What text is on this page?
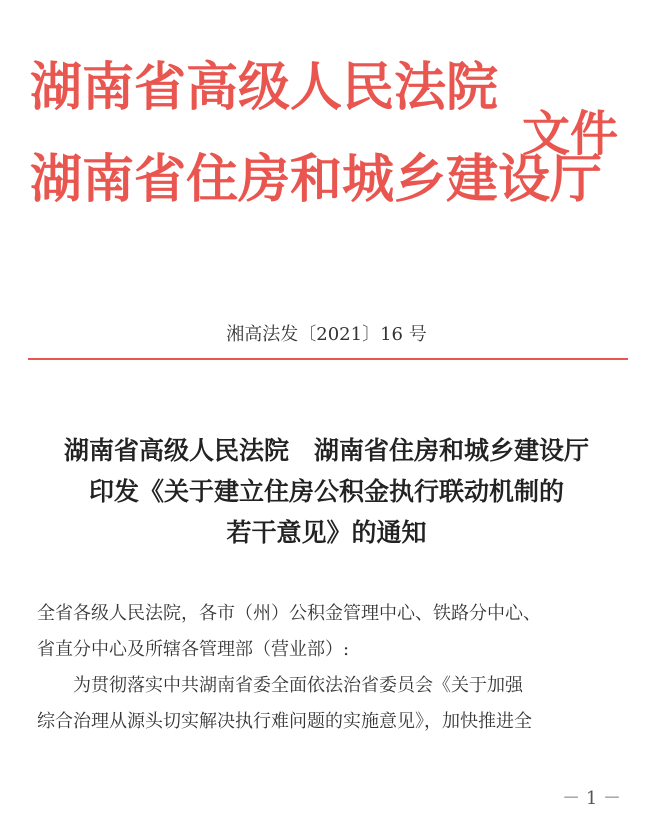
湖南省高级人民法院
湖南省住房和城乡建设厅
文件
湘高法发〔2021〕16 号
湖南省高级人民法院　湖南省住房和城乡建设厅
印发《关于建立住房公积金执行联动机制的
若干意见》的通知
全省各级人民法院，各市（州）公积金管理中心、铁路分中心、
省直分中心及所辖各管理部（营业部）:
为贯彻落实中共湖南省委全面依法治省委员会《关于加强
综合治理从源头切实解决执行难问题的实施意见》，加快推进全
－ 1 －
